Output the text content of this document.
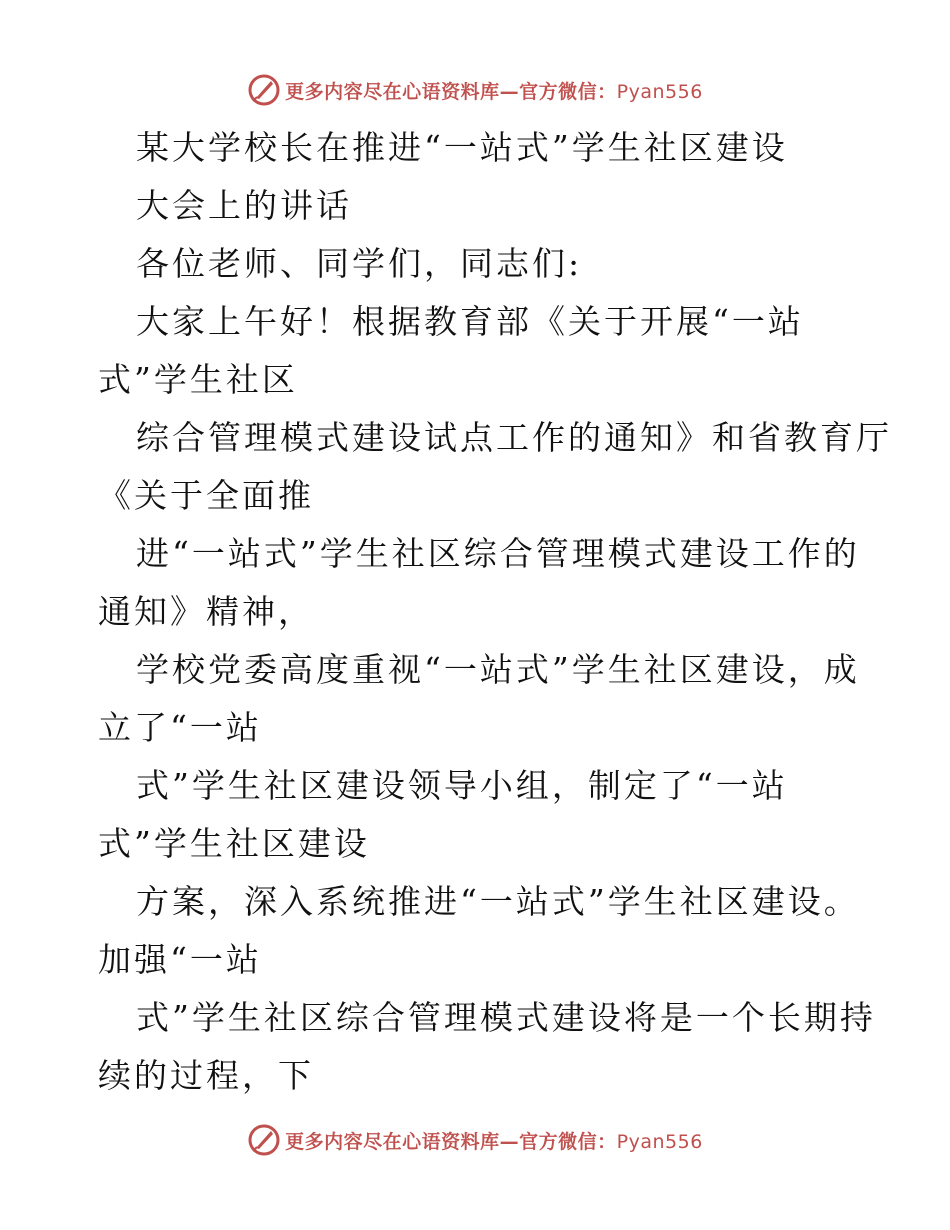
更多内容尽在心语资料库—官方微信：Pyan556
某大学校长在推进“一站式”学生社区建设
大会上的讲话
各位老师、同学们，同志们:
大家上午好！根据教育部《关于开展“一站
式”学生社区
综合管理模式建设试点工作的通知》和省教育厅
《关于全面推
进“一站式”学生社区综合管理模式建设工作的
通知》精神，
学校党委高度重视“一站式”学生社区建设，成
立了“一站
式”学生社区建设领导小组，制定了“一站
式”学生社区建设
方案，深入系统推进“一站式”学生社区建设。
加强“一站
式”学生社区综合管理模式建设将是一个长期持
续的过程，下
更多内容尽在心语资料库—官方微信：Pyan556
